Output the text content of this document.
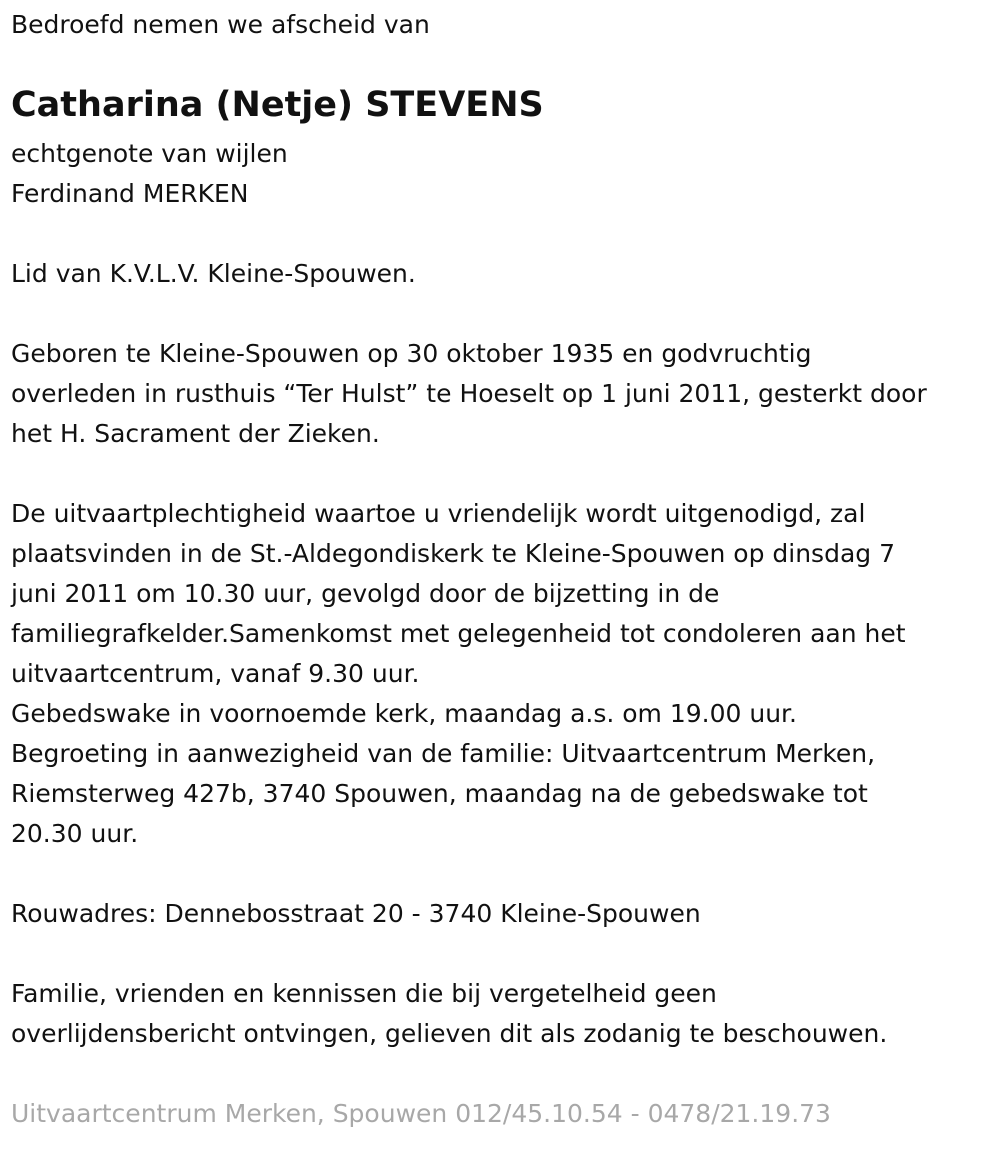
Bedroefd nemen we afscheid van
Catharina (Netje) STEVENS
echtgenote van wijlen
Ferdinand MERKEN
Lid van K.V.L.V. Kleine-Spouwen.
Geboren te Kleine-Spouwen op 30 oktober 1935 en godvruchtig
overleden in rusthuis “Ter Hulst” te Hoeselt op 1 juni 2011, gesterkt door
het H. Sacrament der Zieken.
De uitvaartplechtigheid waartoe u vriendelijk wordt uitgenodigd, zal
plaatsvinden in de St.-Aldegondiskerk te Kleine-Spouwen op dinsdag 7
juni 2011 om 10.30 uur, gevolgd door de bijzetting in de
familiegrafkelder.Samenkomst met gelegenheid tot condoleren aan het
uitvaartcentrum, vanaf 9.30 uur.
Gebedswake in voornoemde kerk, maandag a.s. om 19.00 uur.
Begroeting in aanwezigheid van de familie: Uitvaartcentrum Merken,
Riemsterweg 427b, 3740 Spouwen, maandag na de gebedswake tot
20.30 uur.
Rouwadres: Dennebosstraat 20 - 3740 Kleine-Spouwen
Familie, vrienden en kennissen die bij vergetelheid geen
overlijdensbericht ontvingen, gelieven dit als zodanig te beschouwen.
Uitvaartcentrum Merken, Spouwen 012/45.10.54 - 0478/21.19.73
